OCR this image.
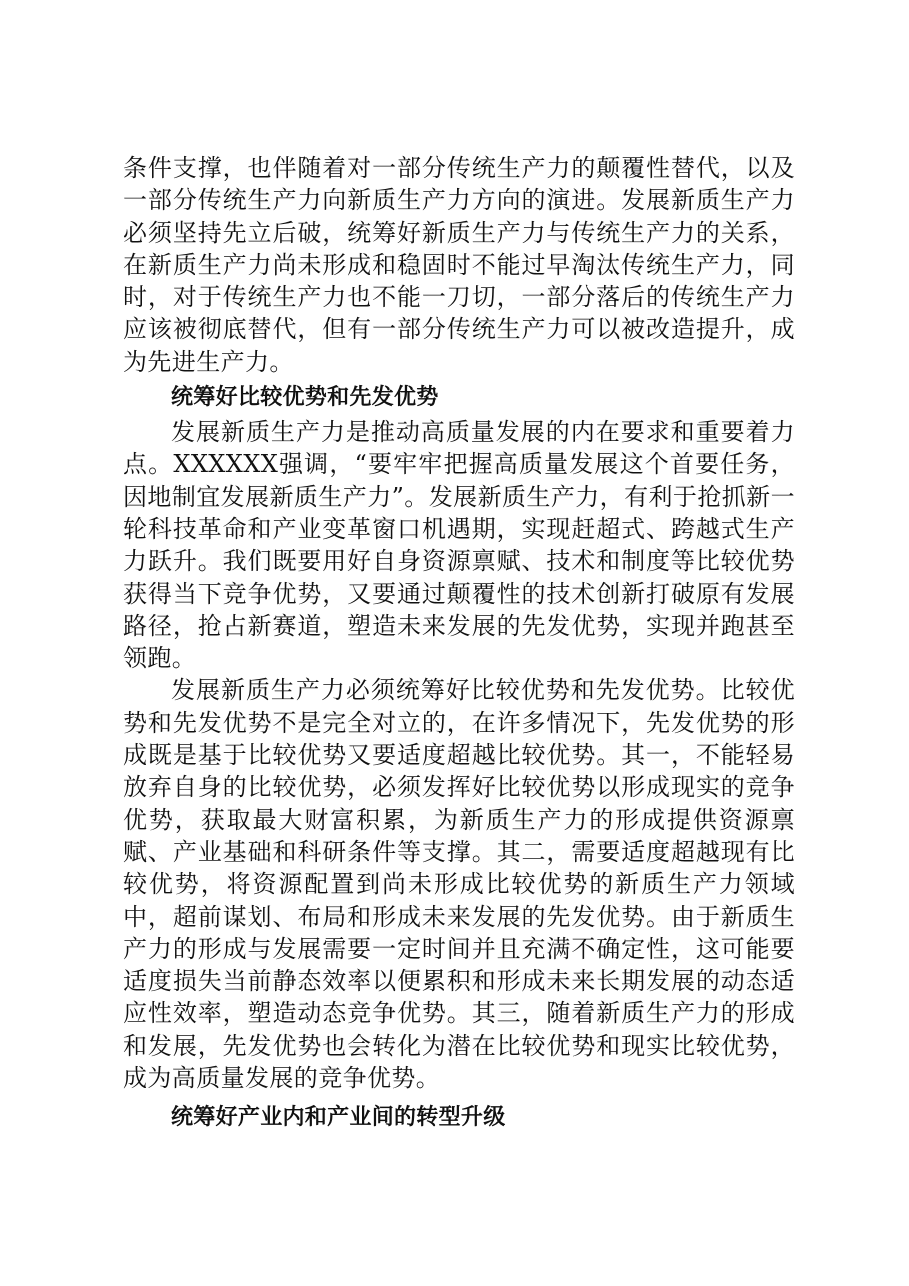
条件支撑，也伴随着对一部分传统生产力的颠覆性替代，以及一部分传统生产力向新质生产力方向的演进。发展新质生产力必须坚持先立后破，统筹好新质生产力与传统生产力的关系，在新质生产力尚未形成和稳固时不能过早淘汰传统生产力，同时，对于传统生产力也不能一刀切，一部分落后的传统生产力应该被彻底替代，但有一部分传统生产力可以被改造提升，成为先进生产力。

统筹好比较优势和先发优势

发展新质生产力是推动高质量发展的内在要求和重要着力点。XXXXXX强调，“要牢牢把握高质量发展这个首要任务，因地制宜发展新质生产力”。发展新质生产力，有利于抢抓新一轮科技革命和产业变革窗口机遇期，实现赶超式、跨越式生产力跃升。我们既要用好自身资源禀赋、技术和制度等比较优势获得当下竞争优势，又要通过颠覆性的技术创新打破原有发展路径，抢占新赛道，塑造未来发展的先发优势，实现并跑甚至领跑。

发展新质生产力必须统筹好比较优势和先发优势。比较优势和先发优势不是完全对立的，在许多情况下，先发优势的形成既是基于比较优势又要适度超越比较优势。其一，不能轻易放弃自身的比较优势，必须发挥好比较优势以形成现实的竞争优势，获取最大财富积累，为新质生产力的形成提供资源禀赋、产业基础和科研条件等支撑。其二，需要适度超越现有比较优势，将资源配置到尚未形成比较优势的新质生产力领域中，超前谋划、布局和形成未来发展的先发优势。由于新质生产力的形成与发展需要一定时间并且充满不确定性，这可能要适度损失当前静态效率以便累积和形成未来长期发展的动态适应性效率，塑造动态竞争优势。其三，随着新质生产力的形成和发展，先发优势也会转化为潜在比较优势和现实比较优势，成为高质量发展的竞争优势。

统筹好产业内和产业间的转型升级
